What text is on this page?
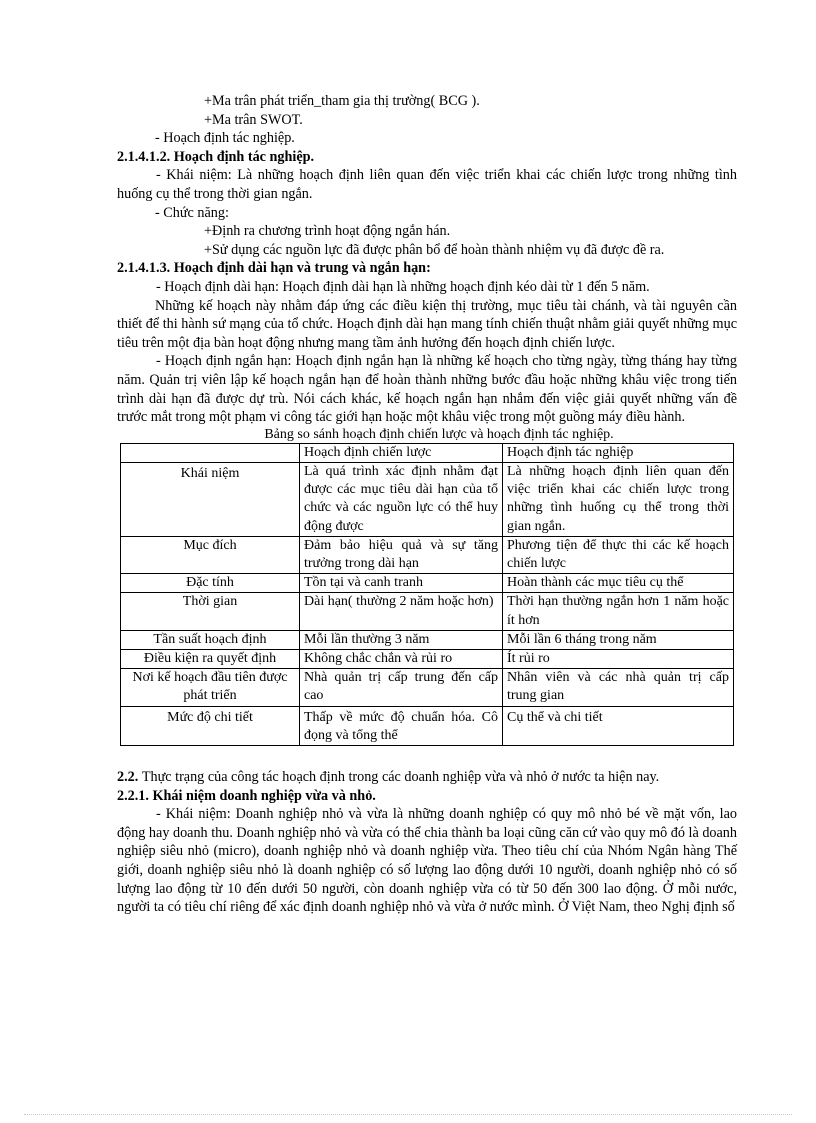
+Ma trân phát triển_tham gia thị trường( BCG ).

+Ma trân SWOT.

- Hoạch định tác nghiệp.

2.1.4.1.2. Hoạch định tác nghiệp.

- Khái niệm: Là những hoạch định liên quan đến việc triển khai các chiến lược trong những tình huống cụ thể trong thời gian ngắn.

- Chức năng:

+Định ra chương trình hoạt động ngắn hán.

+Sử dụng các nguồn lực đã được phân bổ để hoàn thành nhiệm vụ đã được đề ra.

2.1.4.1.3. Hoạch định dài hạn và trung và ngắn hạn:

- Hoạch định dài hạn: Hoạch định dài hạn là những hoạch định kéo dài từ 1 đến 5 năm.

Những kế hoạch này nhằm đáp ứng các điều kiện thị trường, mục tiêu tài chánh, và tài nguyên cần thiết để thi hành sứ mạng của tổ chức. Hoạch định dài hạn mang tính chiến thuật nhằm giải quyết những mục tiêu trên một địa bàn hoạt động nhưng mang tầm ảnh hưởng đến hoạch định chiến lược.

- Hoạch định ngắn hạn: Hoạch định ngắn hạn là những kế hoạch cho từng ngày, từng tháng hay từng năm. Quản trị viên lập kế hoạch ngắn hạn để hoàn thành những bước đầu hoặc những khâu việc trong tiến trình dài hạn đã được dự trù. Nói cách khác, kế hoạch ngắn hạn nhắm đến việc giải quyết những vấn đề trước mắt trong một phạm vi công tác giới hạn hoặc một khâu việc trong một guồng máy điều hành.

Bảng so sánh hoạch định chiến lược và hoạch định tác nghiệp.

	Hoạch định chiến lược	Hoạch định tác nghiệp
Khái niệm	Là quá trình xác định nhằm đạt được các mục tiêu dài hạn của tổ chức và các nguồn lực có thể huy động được	Là những hoạch định liên quan đến việc triển khai các chiến lược trong những tình huống cụ thể trong thời gian ngắn.
Mục đích	Đảm bảo hiệu quả và sự tăng trưởng trong dài hạn	Phương tiện để thực thi các kế hoạch chiến lược
Đặc tính	Tồn tại và canh tranh	Hoàn thành các mục tiêu cụ thể
Thời gian	Dài hạn( thường 2 năm hoặc hơn)	Thời hạn thường ngắn hơn 1 năm hoặc ít hơn
Tần suất hoạch định	Mỗi lần thường 3 năm	Mỗi lần 6 tháng trong năm
Điều kiện ra quyết định	Không chắc chắn và rủi ro	Ít rủi ro
Nơi kế hoạch đầu tiên được phát triển	Nhà quản trị cấp trung đến cấp cao	Nhân viên và các nhà quản trị cấp trung gian
Mức độ chi tiết	Thấp về mức độ chuẩn hóa. Cô đọng và tổng thể	Cụ thể và chi tiết

2.2. Thực trạng của công tác hoạch định trong các doanh nghiệp vừa và nhỏ ở nước ta hiện nay.

2.2.1. Khái niệm doanh nghiệp vừa và nhỏ.

- Khái niệm: Doanh nghiệp nhỏ và vừa là những doanh nghiệp có quy mô nhỏ bé về mặt vốn, lao động hay doanh thu. Doanh nghiệp nhỏ và vừa có thể chia thành ba loại cũng căn cứ vào quy mô đó là doanh nghiệp siêu nhỏ (micro), doanh nghiệp nhỏ và doanh nghiệp vừa. Theo tiêu chí của Nhóm Ngân hàng Thế giới, doanh nghiệp siêu nhỏ là doanh nghiệp có số lượng lao động dưới 10 người, doanh nghiệp nhỏ có số lượng lao động từ 10 đến dưới 50 người, còn doanh nghiệp vừa có từ 50 đến 300 lao động. Ở mỗi nước, người ta có tiêu chí riêng để xác định doanh nghiệp nhỏ và vừa ở nước mình. Ở Việt Nam, theo Nghị định số
